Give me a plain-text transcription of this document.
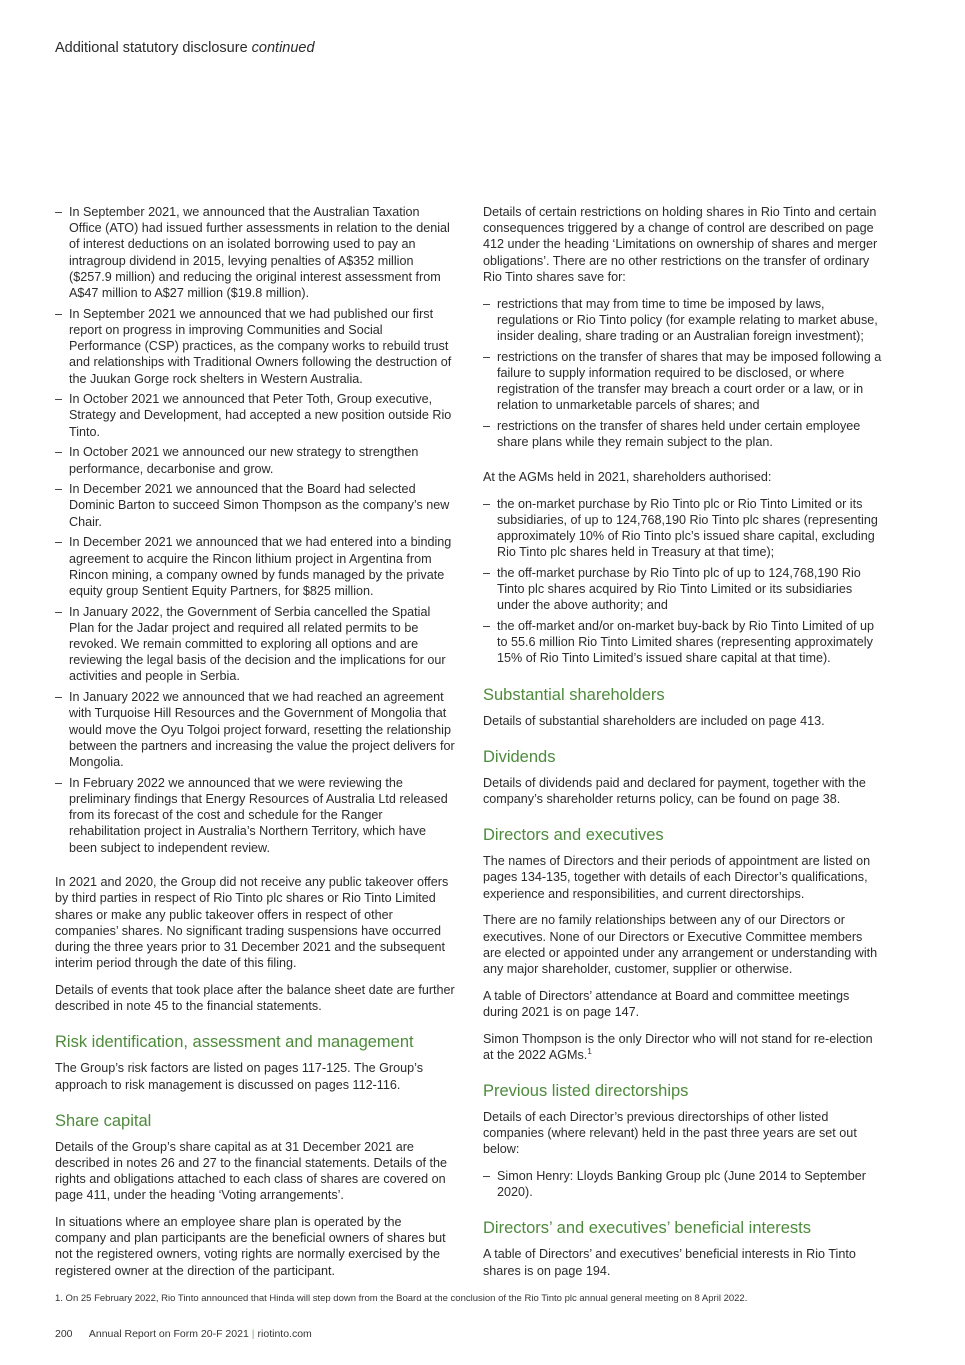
Additional statutory disclosure continued
– In September 2021, we announced that the Australian Taxation Office (ATO) had issued further assessments in relation to the denial of interest deductions on an isolated borrowing used to pay an intragroup dividend in 2015, levying penalties of A$352 million ($257.9 million) and reducing the original interest assessment from A$47 million to A$27 million ($19.8 million).
– In September 2021 we announced that we had published our first report on progress in improving Communities and Social Performance (CSP) practices, as the company works to rebuild trust and relationships with Traditional Owners following the destruction of the Juukan Gorge rock shelters in Western Australia.
– In October 2021 we announced that Peter Toth, Group executive, Strategy and Development, had accepted a new position outside Rio Tinto.
– In October 2021 we announced our new strategy to strengthen performance, decarbonise and grow.
– In December 2021 we announced that the Board had selected Dominic Barton to succeed Simon Thompson as the company’s new Chair.
– In December 2021 we announced that we had entered into a binding agreement to acquire the Rincon lithium project in Argentina from Rincon mining, a company owned by funds managed by the private equity group Sentient Equity Partners, for $825 million.
– In January 2022, the Government of Serbia cancelled the Spatial Plan for the Jadar project and required all related permits to be revoked. We remain committed to exploring all options and are reviewing the legal basis of the decision and the implications for our activities and people in Serbia.
– In January 2022 we announced that we had reached an agreement with Turquoise Hill Resources and the Government of Mongolia that would move the Oyu Tolgoi project forward, resetting the relationship between the partners and increasing the value the project delivers for Mongolia.
– In February 2022 we announced that we were reviewing the preliminary findings that Energy Resources of Australia Ltd released from its forecast of the cost and schedule for the Ranger rehabilitation project in Australia’s Northern Territory, which have been subject to independent review.

In 2021 and 2020, the Group did not receive any public takeover offers by third parties in respect of Rio Tinto plc shares or Rio Tinto Limited shares or make any public takeover offers in respect of other companies’ shares. No significant trading suspensions have occurred during the three years prior to 31 December 2021 and the subsequent interim period through the date of this filing.

Details of events that took place after the balance sheet date are further described in note 45 to the financial statements.

Risk identification, assessment and management

The Group’s risk factors are listed on pages 117-125. The Group’s approach to risk management is discussed on pages 112-116.

Share capital

Details of the Group’s share capital as at 31 December 2021 are described in notes 26 and 27 to the financial statements. Details of the rights and obligations attached to each class of shares are covered on page 411, under the heading ‘Voting arrangements’.

In situations where an employee share plan is operated by the company and plan participants are the beneficial owners of shares but not the registered owners, voting rights are normally exercised by the registered owner at the direction of the participant.

Details of certain restrictions on holding shares in Rio Tinto and certain consequences triggered by a change of control are described on page 412 under the heading ‘Limitations on ownership of shares and merger obligations’. There are no other restrictions on the transfer of ordinary Rio Tinto shares save for:

– restrictions that may from time to time be imposed by laws, regulations or Rio Tinto policy (for example relating to market abuse, insider dealing, share trading or an Australian foreign investment);
– restrictions on the transfer of shares that may be imposed following a failure to supply information required to be disclosed, or where registration of the transfer may breach a court order or a law, or in relation to unmarketable parcels of shares; and
– restrictions on the transfer of shares held under certain employee share plans while they remain subject to the plan.

At the AGMs held in 2021, shareholders authorised:

– the on-market purchase by Rio Tinto plc or Rio Tinto Limited or its subsidiaries, of up to 124,768,190 Rio Tinto plc shares (representing approximately 10% of Rio Tinto plc’s issued share capital, excluding Rio Tinto plc shares held in Treasury at that time);
– the off-market purchase by Rio Tinto plc of up to 124,768,190 Rio Tinto plc shares acquired by Rio Tinto Limited or its subsidiaries under the above authority; and
– the off-market and/or on-market buy-back by Rio Tinto Limited of up to 55.6 million Rio Tinto Limited shares (representing approximately 15% of Rio Tinto Limited’s issued share capital at that time).
Substantial shareholders

Details of substantial shareholders are included on page 413.

Dividends

Details of dividends paid and declared for payment, together with the company’s shareholder returns policy, can be found on page 38.

Directors and executives

The names of Directors and their periods of appointment are listed on pages 134-135, together with details of each Director’s qualifications, experience and responsibilities, and current directorships.

There are no family relationships between any of our Directors or executives. None of our Directors or Executive Committee members are elected or appointed under any arrangement or understanding with any major shareholder, customer, supplier or otherwise.

A table of Directors’ attendance at Board and committee meetings during 2021 is on page 147.

Simon Thompson is the only Director who will not stand for re-election at the 2022 AGMs.$^1$

Previous listed directorships

Details of each Director’s previous directorships of other listed companies (where relevant) held in the past three years are set out below:

– Simon Henry: Lloyds Banking Group plc (June 2014 to September 2020).
Directors’ and executives’ beneficial interests

A table of Directors’ and executives’ beneficial interests in Rio Tinto shares is on page 194.

1. On 25 February 2022, Rio Tinto announced that Hinda will step down from the Board at the conclusion of the Rio Tinto plc annual general meeting on 8 April 2022.
200 Annual Report on Form 20-F 2021 | riotinto.com
